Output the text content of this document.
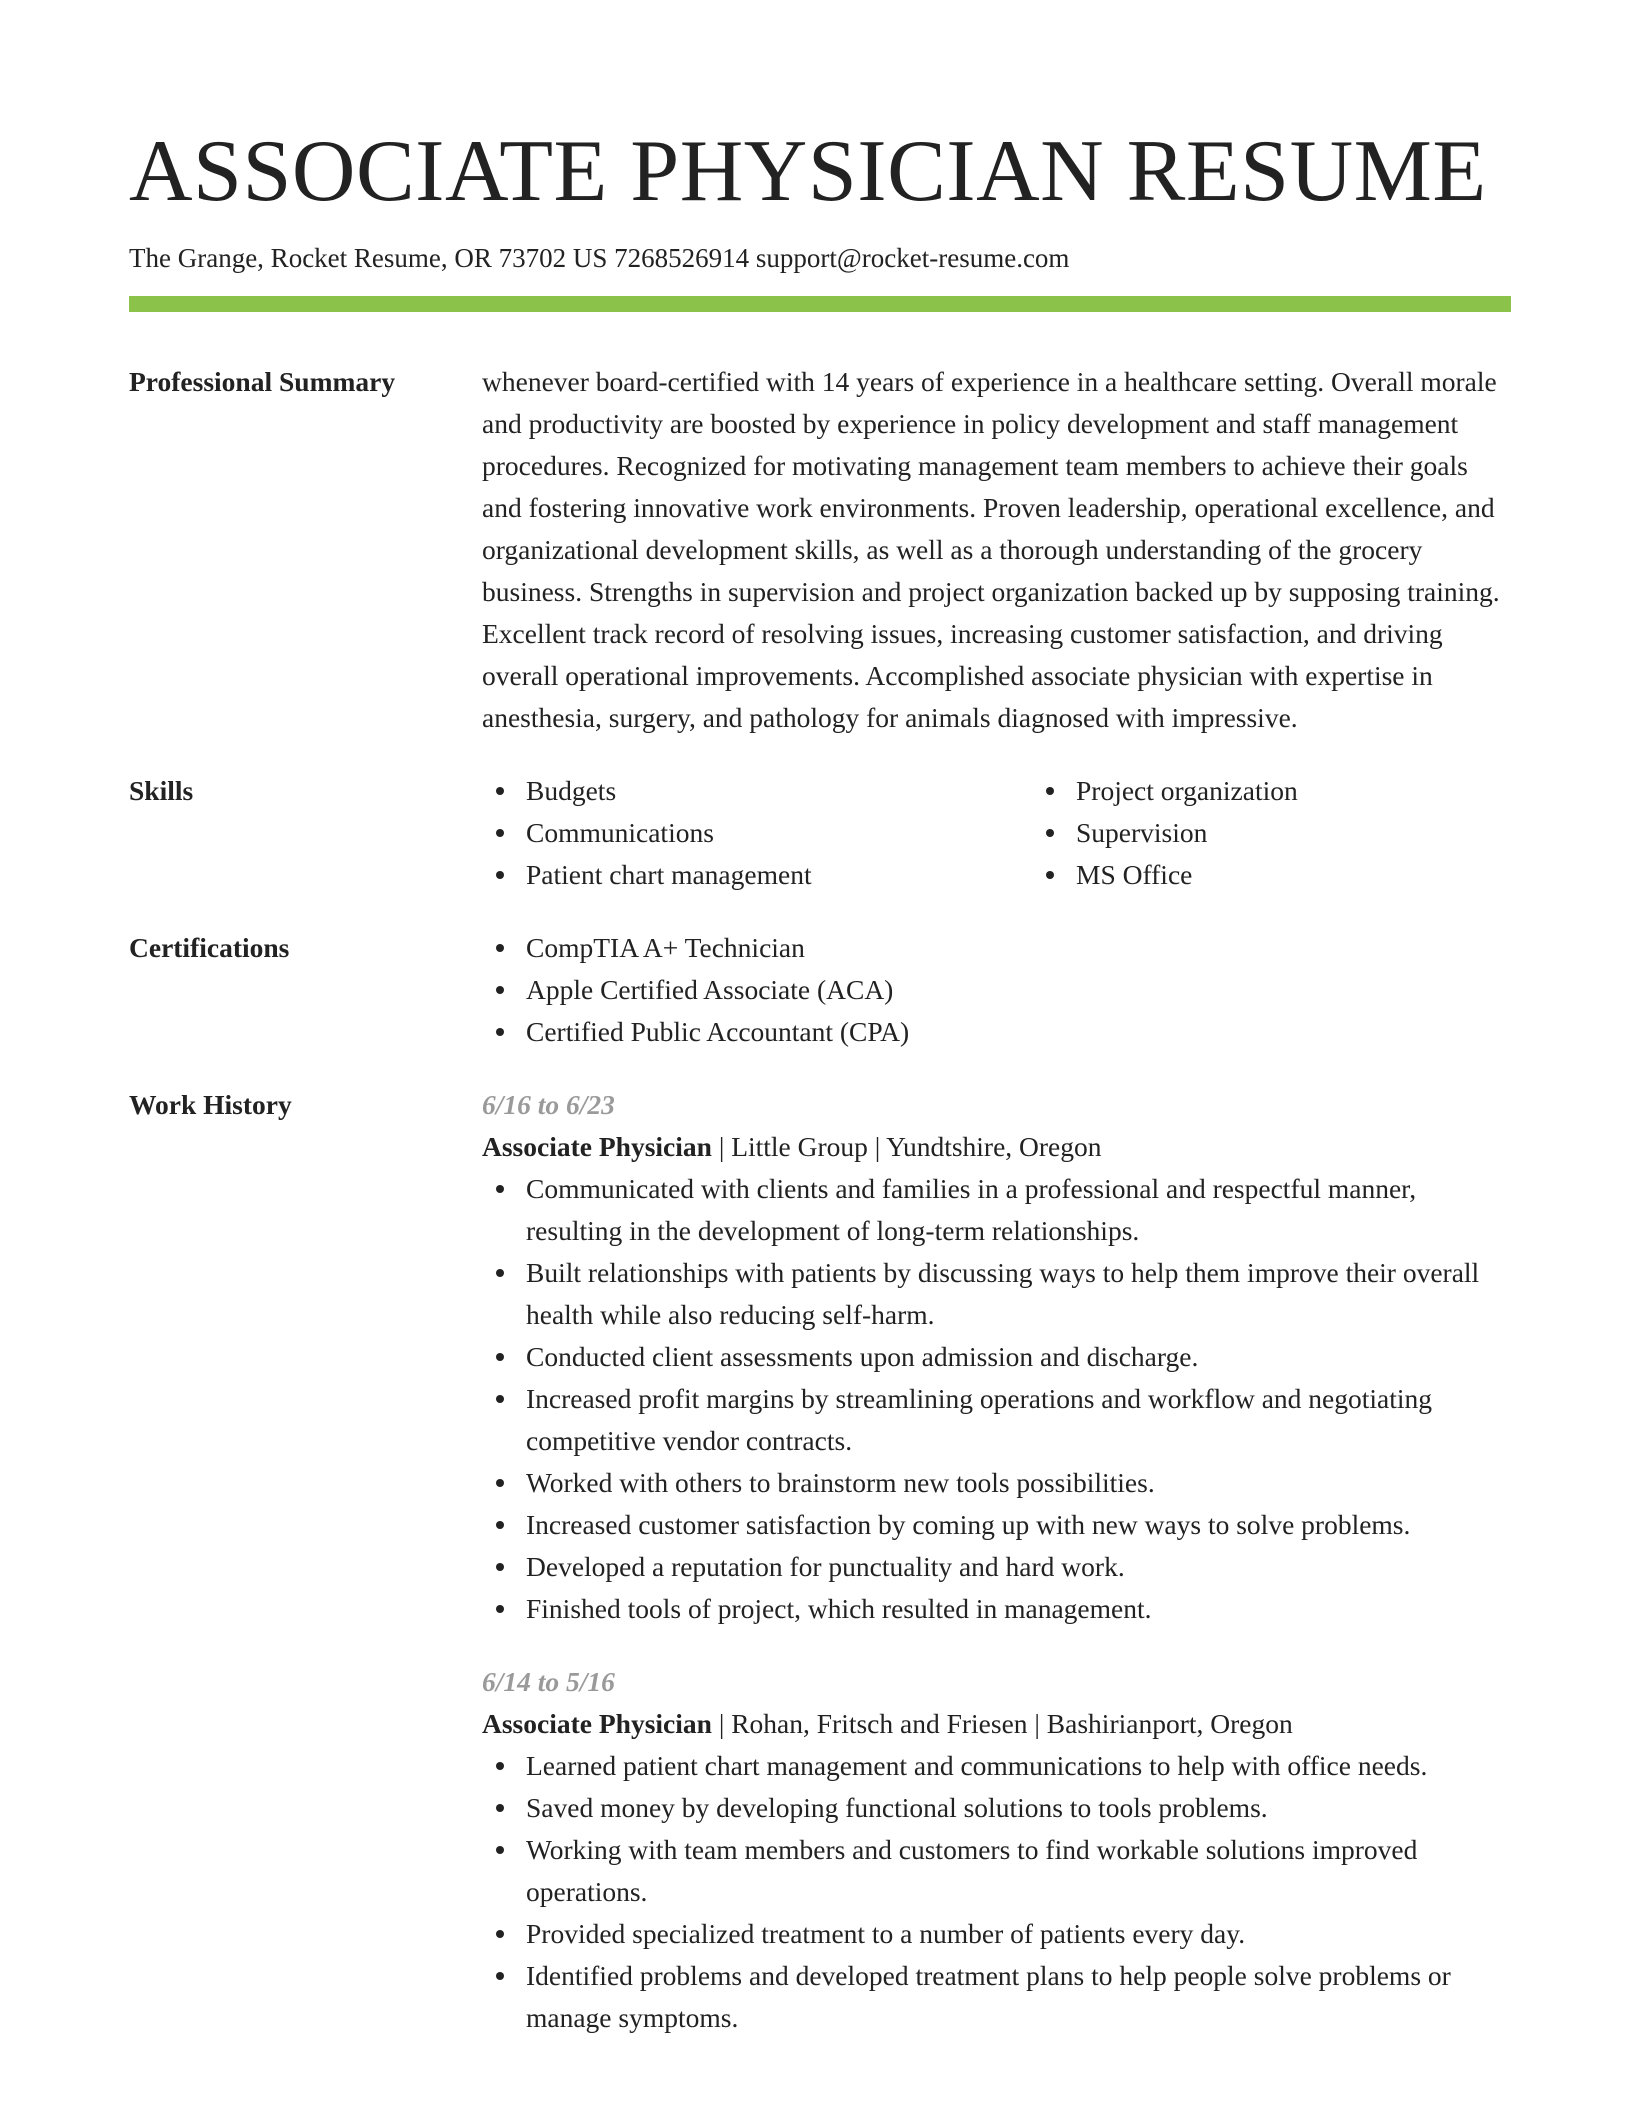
ASSOCIATE PHYSICIAN RESUME
The Grange, Rocket Resume, OR 73702 US 7268526914 support@rocket-resume.com
Professional Summary	whenever board-certified with 14 years of experience in a healthcare setting. Overall morale and productivity are boosted by experience in policy development and staff management procedures. Recognized for motivating management team members to achieve their goals and fostering innovative work environments. Proven leadership, operational excellence, and organizational development skills, as well as a thorough understanding of the grocery business. Strengths in supervision and project organization backed up by supposing training. Excellent track record of resolving issues, increasing customer satisfaction, and driving overall operational improvements. Accomplished associate physician with expertise in anesthesia, surgery, and pathology for animals diagnosed with impressive.

Skills	Budgets
Communications
Patient chart management
Project organization
Supervision
MS Office
Certifications	CompTIA A+ Technician
Apple Certified Associate (ACA)
Certified Public Accountant (CPA)
Work History	6/16 to 6/23
Associate Physician | Little Group | Yundtshire, Oregon
Communicated with clients and families in a professional and respectful manner, resulting in the development of long-term relationships.
Built relationships with patients by discussing ways to help them improve their overall health while also reducing self-harm.
Conducted client assessments upon admission and discharge.
Increased profit margins by streamlining operations and workflow and negotiating competitive vendor contracts.
Worked with others to brainstorm new tools possibilities.
Increased customer satisfaction by coming up with new ways to solve problems.
Developed a reputation for punctuality and hard work.
Finished tools of project, which resulted in management.
6/14 to 5/16
Associate Physician | Rohan, Fritsch and Friesen | Bashirianport, Oregon
Learned patient chart management and communications to help with office needs.
Saved money by developing functional solutions to tools problems.
Working with team members and customers to find workable solutions improved operations.
Provided specialized treatment to a number of patients every day.
Identified problems and developed treatment plans to help people solve problems or manage symptoms.
